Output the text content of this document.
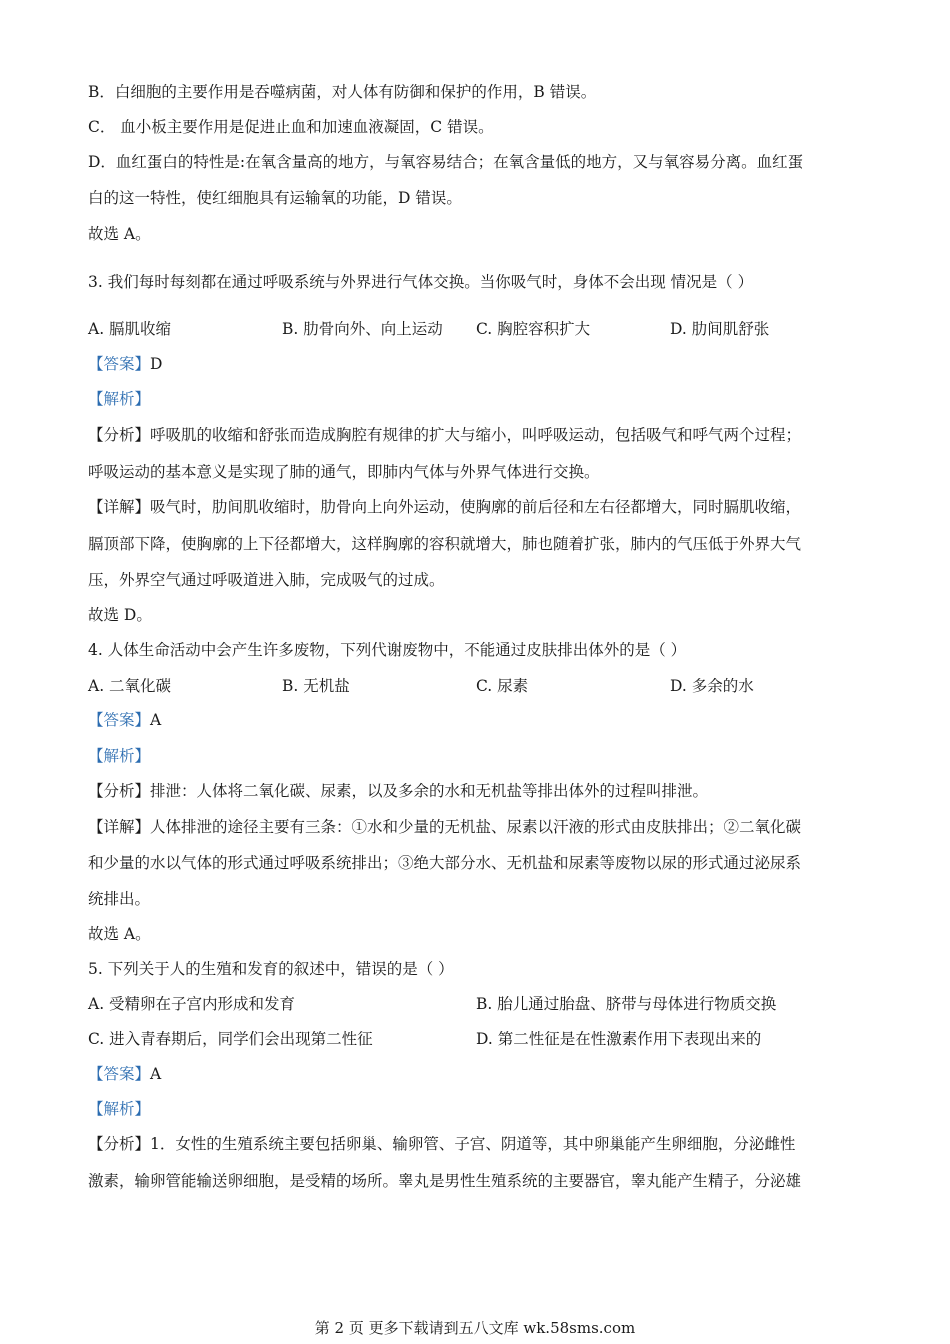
B．白细胞的主要作用是吞噬病菌，对人体有防御和保护的作用，B 错误。
C． 血小板主要作用是促进止血和加速血液凝固，C 错误。
D．血红蛋白的特性是:在氧含量高的地方，与氧容易结合；在氧含量低的地方，又与氧容易分离。血红蛋
白的这一特性，使红细胞具有运输氧的功能，D 错误。
故选 A。
3. 我们每时每刻都在通过呼吸系统与外界进行气体交换。当你吸气时，身体不会出现 情况是（ ）
A. 膈肌收缩	B. 肋骨向外、向上运动 C. 胸腔容积扩大	D. 肋间肌舒张
【答案】D
【解析】
【分析】呼吸肌的收缩和舒张而造成胸腔有规律的扩大与缩小，叫呼吸运动，包括吸气和呼气两个过程；
呼吸运动的基本意义是实现了肺的通气，即肺内气体与外界气体进行交换。
【详解】吸气时，肋间肌收缩时，肋骨向上向外运动，使胸廓的前后径和左右径都增大，同时膈肌收缩，
膈顶部下降，使胸廓的上下径都增大，这样胸廓的容积就增大，肺也随着扩张，肺内的气压低于外界大气
压，外界空气通过呼吸道进入肺，完成吸气的过成。
故选 D。
4. 人体生命活动中会产生许多废物，下列代谢废物中，不能通过皮肤排出体外的是（ ）
A. 二氧化碳	B. 无机盐	C. 尿素	D. 多余的水
【答案】A
【解析】
【分析】排泄：人体将二氧化碳、尿素，以及多余的水和无机盐等排出体外的过程叫排泄。
【详解】人体排泄的途径主要有三条：①水和少量的无机盐、尿素以汗液的形式由皮肤排出；②二氧化碳
和少量的水以气体的形式通过呼吸系统排出；③绝大部分水、无机盐和尿素等废物以尿的形式通过泌尿系
统排出。
故选 A。
5. 下列关于人的生殖和发育的叙述中，错误的是（ ）
A. 受精卵在子宫内形成和发育	B. 胎儿通过胎盘、脐带与母体进行物质交换
C. 进入青春期后，同学们会出现第二性征	D. 第二性征是在性激素作用下表现出来的
【答案】A
【解析】
【分析】1．女性的生殖系统主要包括卵巢、输卵管、子宫、阴道等，其中卵巢能产生卵细胞，分泌雌性
激素，输卵管能输送卵细胞，是受精的场所。睾丸是男性生殖系统的主要器官，睾丸能产生精子，分泌雄
第 2 页 更多下载请到五八文库 wk.58sms.com
